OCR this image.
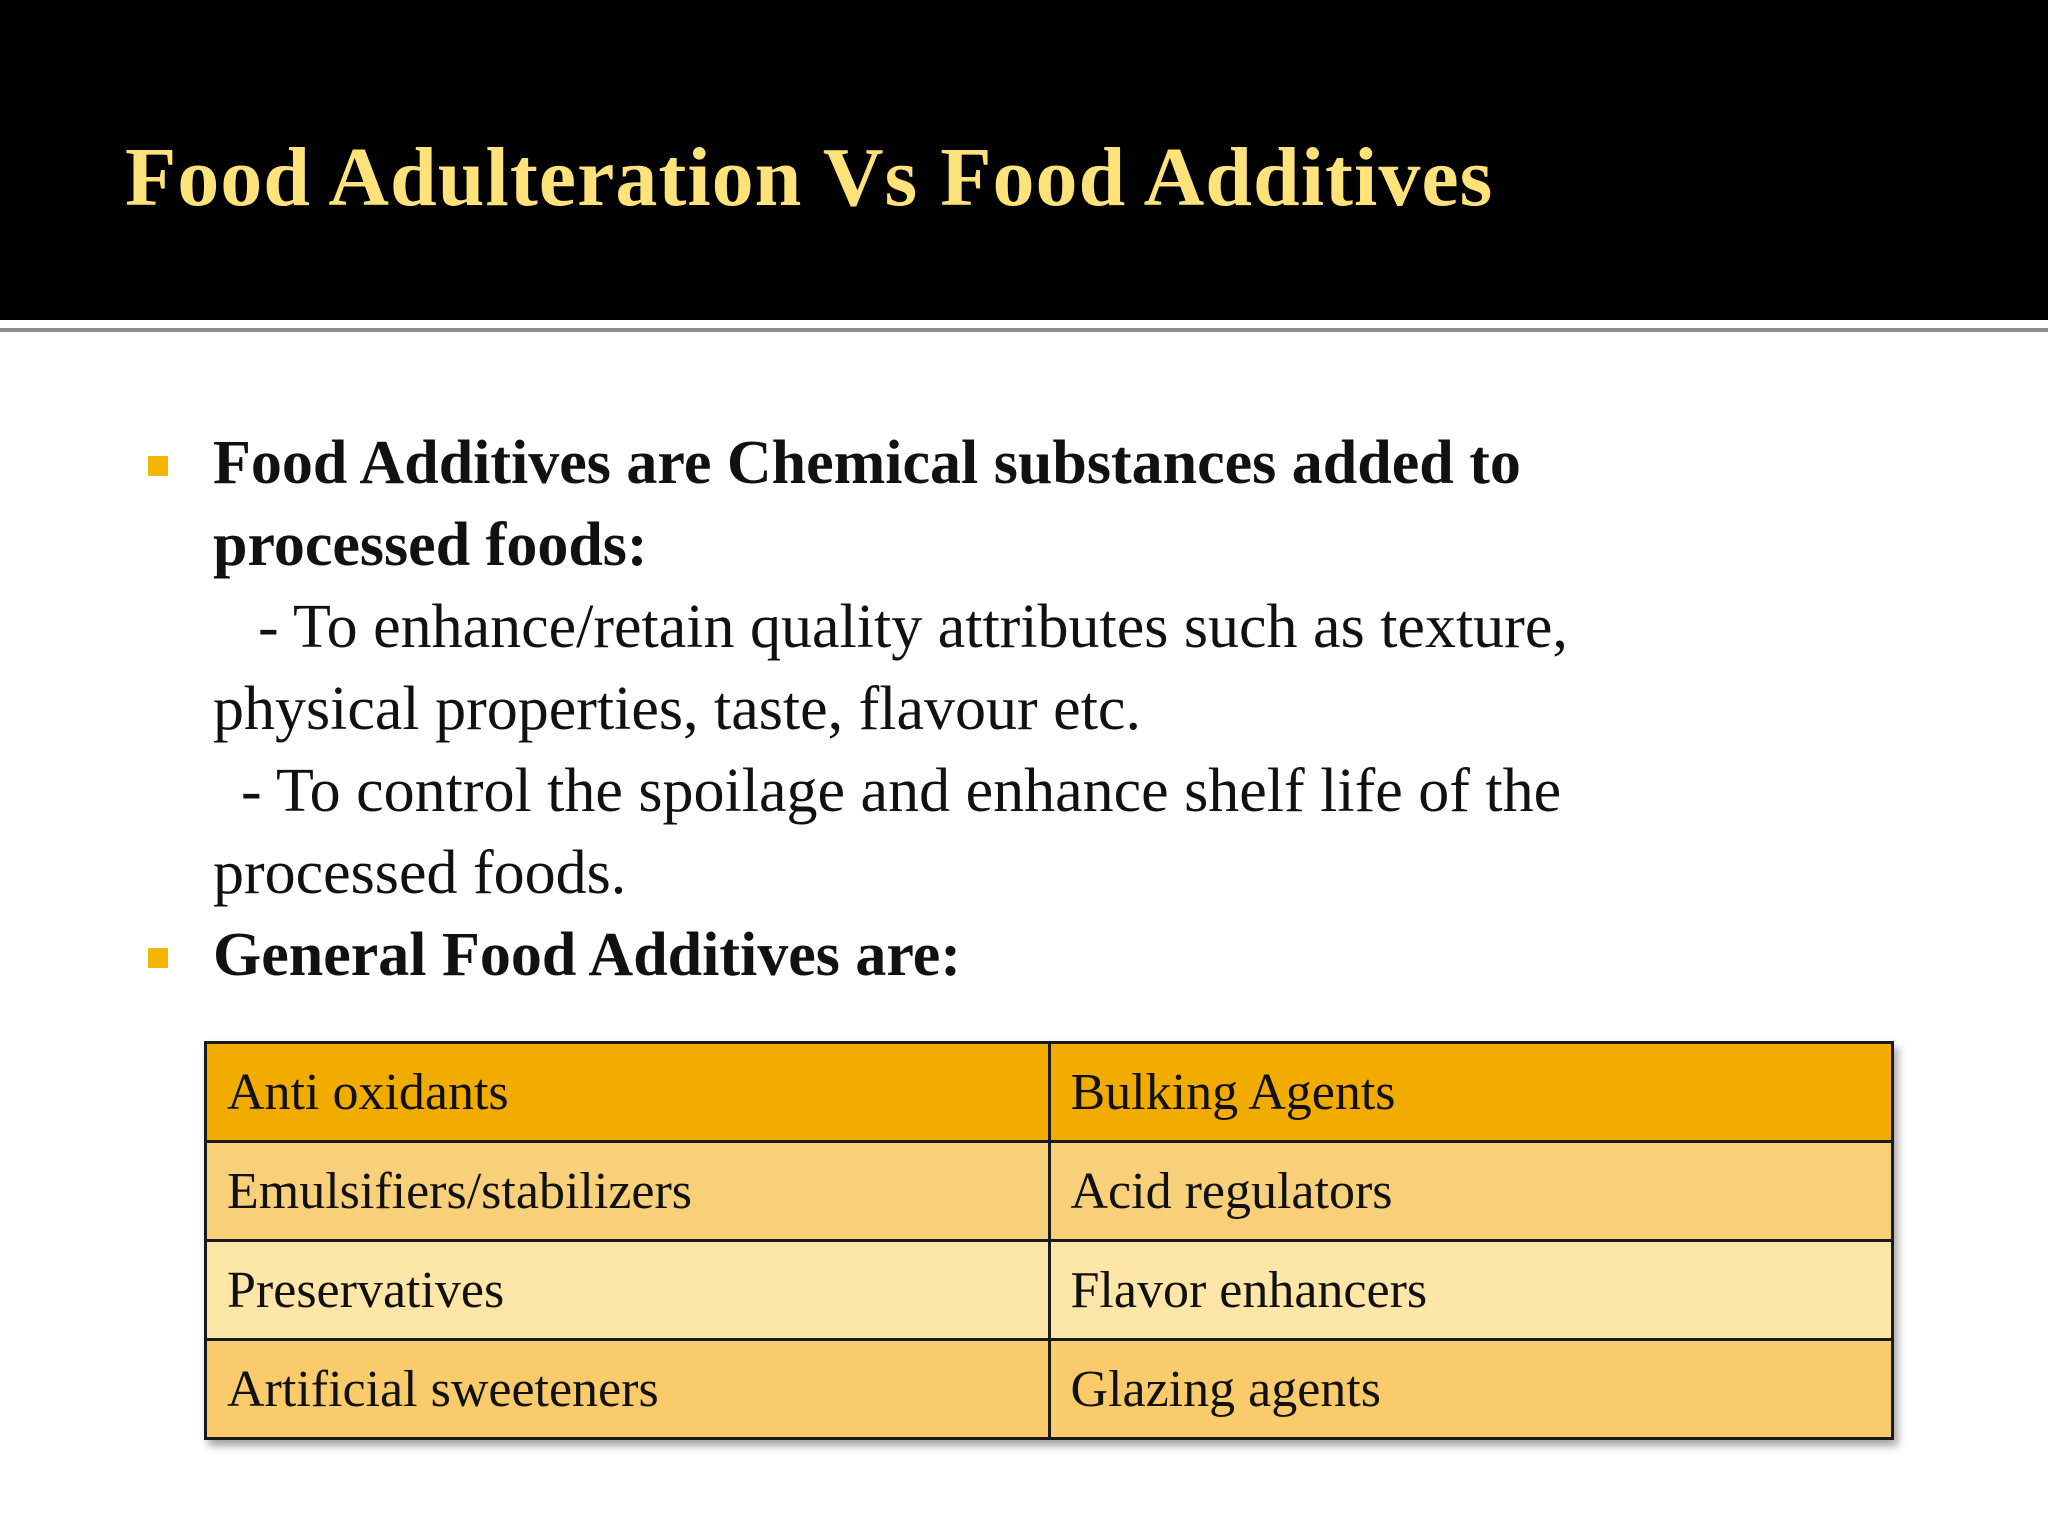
Food Adulteration Vs Food Additives
Food Additives are Chemical substances added to
processed foods:
- To enhance/retain quality attributes such as texture,
physical properties, taste, flavour etc.
- To control the spoilage and enhance shelf life of the
processed foods.
General Food Additives are:
Anti oxidants	Bulking Agents
Emulsifiers/stabilizers	Acid regulators
Preservatives	Flavor enhancers
Artificial sweeteners	Glazing agents
